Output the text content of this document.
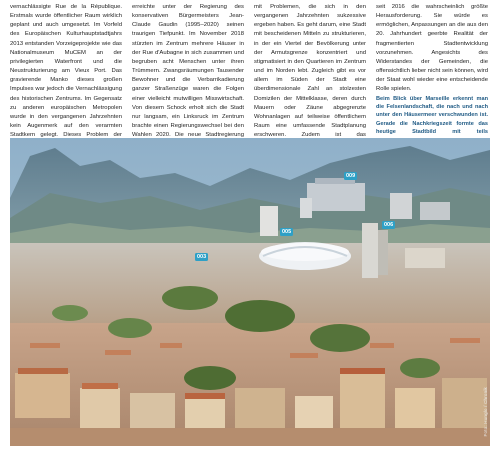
vernachlässigte Rue de la République. Erstmals wurde öffentlicher Raum wirklich geplant und auch umgesetzt. Im Vorfeld des Europäischen Kulturhauptstadtjahrs 2013 entstanden Vorzeigeprojekte wie das Nationalmuseum MuCEM an der privilegierten Waterfront und die Neustrukturierung am Vieux Port. Das gravierende Manko dieses großen Impulses war jedoch die Vernachlässigung des historischen Zentrums. Im Gegensatz zu anderen europäischen Metropolen wurde in den vergangenen Jahrzehnten kein Augenmerk auf den verarmten Stadtkern gelegt. Dieses Problem der

erreichte unter der Regierung des konservativen Bürgermeisters Jean-Claude Gaudin (1995–2020) seinen traurigen Tiefpunkt. Im November 2018 stürzten im Zentrum mehrere Häuser in der Rue d'Aubagne in sich zusammen und begruben acht Menschen unter ihren Trümmern. Zwangsräumungen Tausender Bewohner und die Verbarrikadierung ganzer Straßenzüge waren die Folgen einer vielleicht mutwilligen Misswirtschaft. Von diesem Schock erholt sich die Stadt nur langsam, ein Linksruck im Zentrum brachte einen Regierungswechsel bei den Wahlen 2020. Die neue Stadtregierung

mit Problemen, die sich in den vergangenen Jahrzehnten sukzessive ergeben haben. Es geht darum, eine Stadt mit bescheidenen Mitteln zu strukturieren, in der ein Viertel der Bevölkerung unter der Armutsgrenze konzentriert und stigmatisiert in den Quartieren im Zentrum und im Norden lebt. Zugleich gibt es vor allem im Süden der Stadt eine überdimensionale Zahl an stolzesten Domizilen der Mittelklasse, deren durch Mauern oder Zäune abgegrenzte Wohnanlagen auf teilweise öffentlichem Raum eine umfassende Stadtplanung erschweren. Zudem ist das

seit 2016 die wahrscheinlich größte Herausforderung. Sie würde es ermöglichen, Anpassungen an die aus den 20. Jahrhundert geerbte Realität der fragmentierten Stadtentwicklung vorzunehmen. Angesichts des Widerstandes der Gemeinden, die offensichtlich lieber nicht sein können, wird der Staat wohl wieder eine entscheidende Rolle spielen.

Beim Blick über Marseille erkennt man die Felsenlandschaft, die nach und nach unter den Häusermeer verschwunden ist. Gerade die Nachkriegszeit formte das heutige Stadtbild mit teils

009
006
005
003
Foto: Hunglo / Chronik
